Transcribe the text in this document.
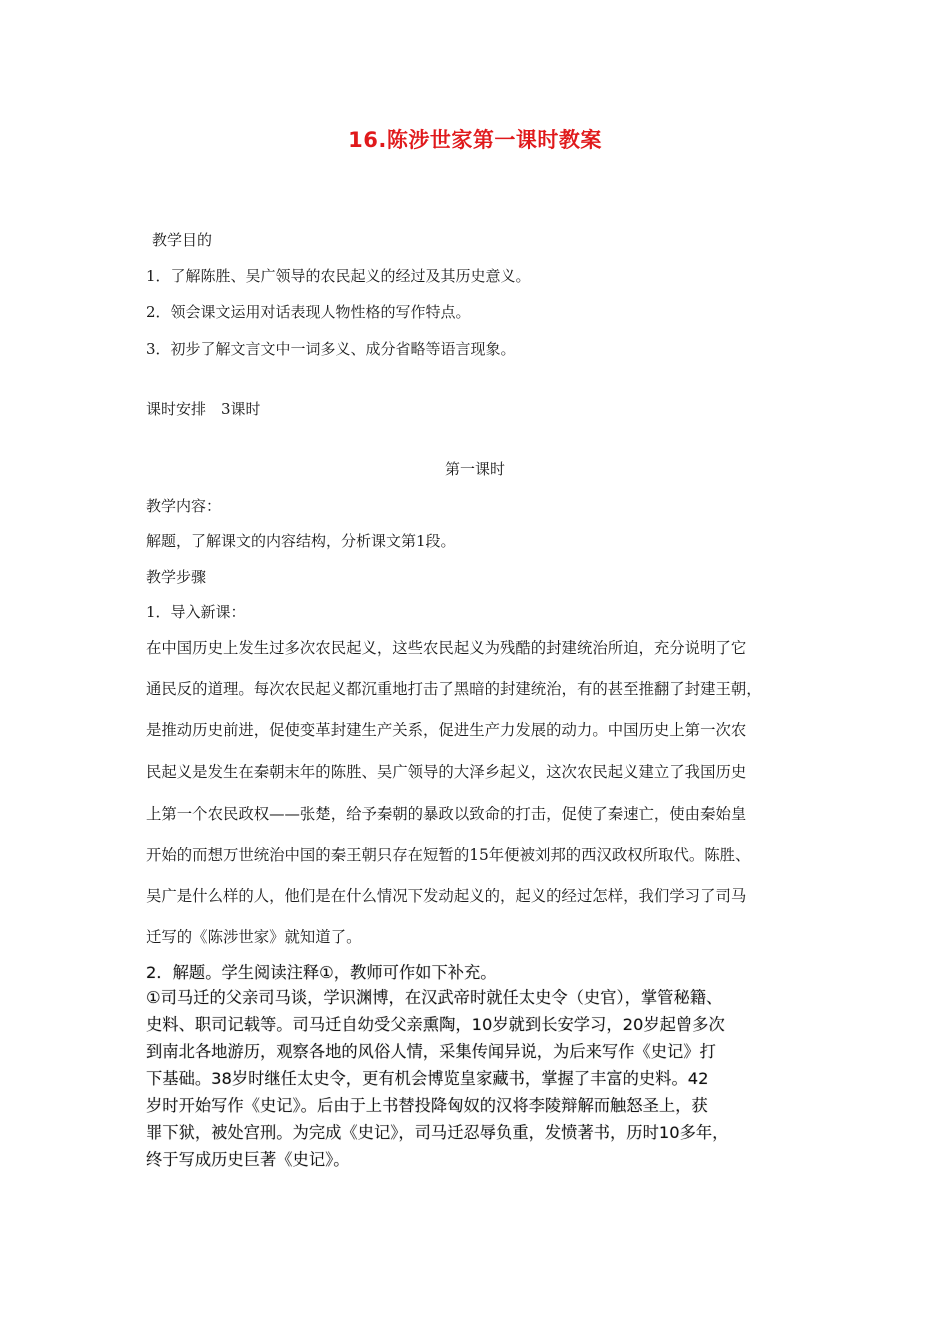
16.陈涉世家第一课时教案
教学目的
1．了解陈胜、吴广领导的农民起义的经过及其历史意义。
2．领会课文运用对话表现人物性格的写作特点。
3．初步了解文言文中一词多义、成分省略等语言现象。
课时安排　3课时
第一课时
教学内容：
解题，了解课文的内容结构，分析课文第1段。
教学步骤
1．导入新课：
在中国历史上发生过多次农民起义，这些农民起义为残酷的封建统治所迫，充分说明了它
通民反的道理。每次农民起义都沉重地打击了黑暗的封建统治，有的甚至推翻了封建王朝，
是推动历史前进，促使变革封建生产关系，促进生产力发展的动力。中国历史上第一次农
民起义是发生在秦朝末年的陈胜、吴广领导的大泽乡起义，这次农民起义建立了我国历史
上第一个农民政权——张楚，给予秦朝的暴政以致命的打击，促使了秦速亡，使由秦始皇
开始的而想万世统治中国的秦王朝只存在短暂的15年便被刘邦的西汉政权所取代。陈胜、
吴广是什么样的人，他们是在什么情况下发动起义的，起义的经过怎样，我们学习了司马
迁写的《陈涉世家》就知道了。
2．解题。学生阅读注释①，教师可作如下补充。
①司马迁的父亲司马谈，学识渊博，在汉武帝时就任太史令（史官），掌管秘籍、
史料、职司记载等。司马迁自幼受父亲熏陶，10岁就到长安学习，20岁起曾多次
到南北各地游历，观察各地的风俗人情，采集传闻异说，为后来写作《史记》打
下基础。38岁时继任太史令，更有机会博览皇家藏书，掌握了丰富的史料。42
岁时开始写作《史记》。后由于上书替投降匈奴的汉将李陵辩解而触怒圣上，获
罪下狱，被处宫刑。为完成《史记》，司马迁忍辱负重，发愤著书，历时10多年，
终于写成历史巨著《史记》。
